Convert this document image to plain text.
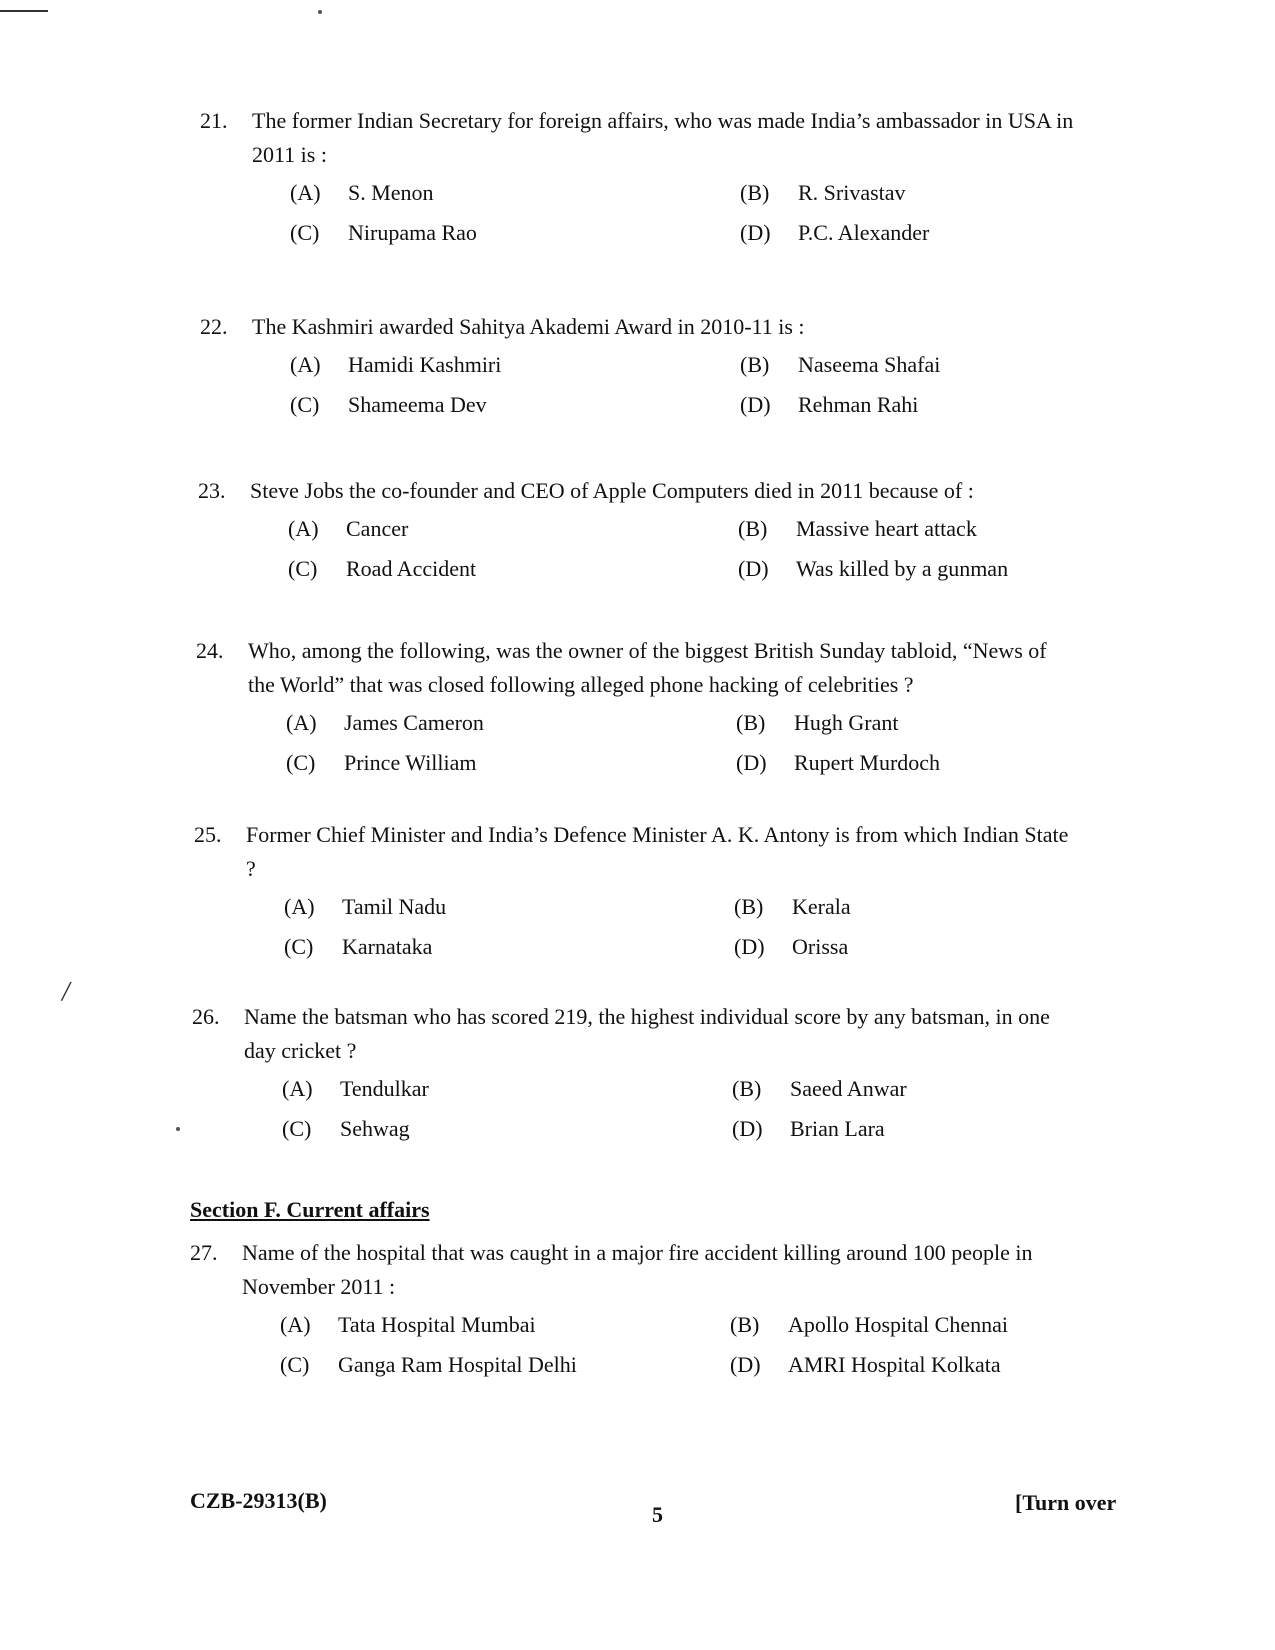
/
21.	The former Indian Secretary for foreign affairs, who was made India’s ambassador in USA in 2011 is :
(A)	S. Menon	(B)	R. Srivastav
(C)	Nirupama Rao	(D)	P.C. Alexander
22.	The Kashmiri awarded Sahitya Akademi Award in 2010-11 is :
(A)	Hamidi Kashmiri	(B)	Naseema Shafai
(C)	Shameema Dev	(D)	Rehman Rahi
23.	Steve Jobs the co-founder and CEO of Apple Computers died in 2011 because of :
(A)	Cancer	(B)	Massive heart attack
(C)	Road Accident	(D)	Was killed by a gunman
24.	Who, among the following, was the owner of the biggest British Sunday tabloid, “News of the World” that was closed following alleged phone hacking of celebrities ?
(A)	James Cameron	(B)	Hugh Grant
(C)	Prince William	(D)	Rupert Murdoch
25.	Former Chief Minister and India’s Defence Minister A. K. Antony is from which Indian State ?
(A)	Tamil Nadu	(B)	Kerala
(C)	Karnataka	(D)	Orissa
26.	Name the batsman who has scored 219, the highest individual score by any batsman, in one day cricket ?
(A)	Tendulkar	(B)	Saeed Anwar
(C)	Sehwag	(D)	Brian Lara
Section F. Current affairs
27.	Name of the hospital that was caught in a major fire accident killing around 100 people in November 2011 :
(A)	Tata Hospital Mumbai	(B)	Apollo Hospital Chennai
(C)	Ganga Ram Hospital Delhi	(D)	AMRI Hospital Kolkata
CZB-29313(B)
5	[Turn over
